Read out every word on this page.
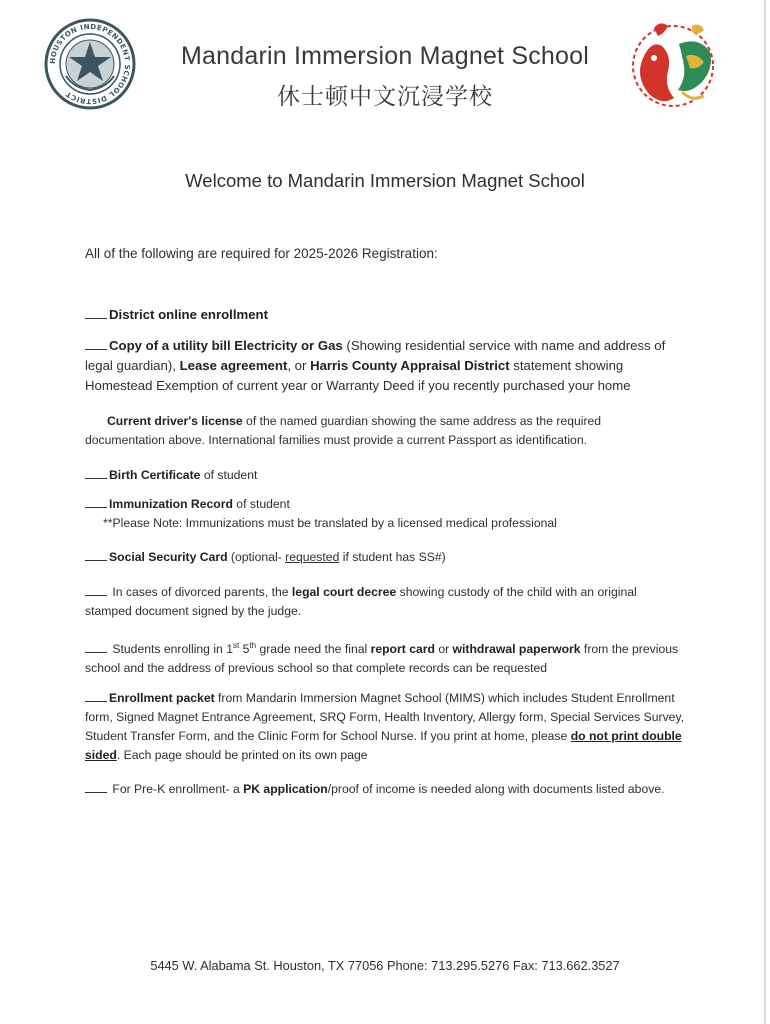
HOUSTON INDEPENDENT SCHOOL DISTRICT
Mandarin Immersion Magnet School
休士顿中文沉浸学校
Welcome to Mandarin Immersion Magnet School
All of the following are required for 2025-2026 Registration:
District online enrollment
Copy of a utility bill Electricity or Gas (Showing residential service with name and address of legal guardian), Lease agreement, or Harris County Appraisal District statement showing Homestead Exemption of current year or Warranty Deed if you recently purchased your home
Current driver's license of the named guardian showing the same address as the required documentation above. International families must provide a current Passport as identification.
Birth Certificate of student
Immunization Record of student
**Please Note: Immunizations must be translated by a licensed medical professional
Social Security Card (optional- requested if student has SS#)
In cases of divorced parents, the legal court decree showing custody of the child with an original stamped document signed by the judge.
Students enrolling in 1st 5th grade need the final report card or withdrawal paperwork from the previous school and the address of previous school so that complete records can be requested
Enrollment packet from Mandarin Immersion Magnet School (MIMS) which includes Student Enrollment form, Signed Magnet Entrance Agreement, SRQ Form, Health Inventory, Allergy form, Special Services Survey, Student Transfer Form, and the Clinic Form for School Nurse. If you print at home, please do not print double sided. Each page should be printed on its own page
For Pre-K enrollment- a PK application/proof of income is needed along with documents listed above.
5445 W. Alabama St. Houston, TX 77056 Phone: 713.295.5276 Fax: 713.662.3527
